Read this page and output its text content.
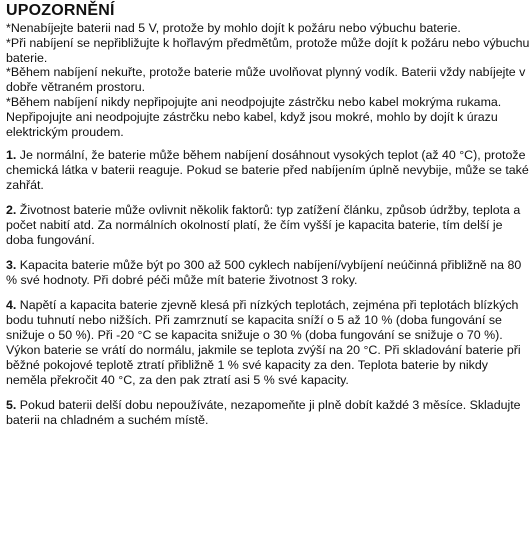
UPOZORNĚNÍ

*Nenabíjejte baterii nad 5 V, protože by mohlo dojít k požáru nebo výbuchu baterie.

*Při nabíjení se nepřibližujte k hořlavým předmětům, protože může dojít k požáru nebo výbuchu baterie.

*Během nabíjení nekuřte, protože baterie může uvolňovat plynný vodík. Baterii vždy nabíjejte v dobře větraném prostoru.

*Během nabíjení nikdy nepřipojujte ani neodpojujte zástrčku nebo kabel mokrýma rukama. Nepřipojujte ani neodpojujte zástrčku nebo kabel, když jsou mokré, mohlo by dojít k úrazu elektrickým proudem.

1. Je normální, že baterie může během nabíjení dosáhnout vysokých teplot (až 40 °C), protože chemická látka v baterii reaguje. Pokud se baterie před nabíjením úplně nevybije, může se také zahřát.

2. Životnost baterie může ovlivnit několik faktorů: typ zatížení článku, způsob údržby, teplota a počet nabití atd. Za normálních okolností platí, že čím vyšší je kapacita baterie, tím delší je doba fungování.

3. Kapacita baterie může být po 300 až 500 cyklech nabíjení/vybíjení neúčinná přibližně na 80 % své hodnoty. Při dobré péči může mít baterie životnost 3 roky.

4. Napětí a kapacita baterie zjevně klesá při nízkých teplotách, zejména při teplotách blízkých bodu tuhnutí nebo nižších. Při zamrznutí se kapacita sníží o 5 až 10 % (doba fungování se snižuje o 50 %). Při -20 °C se kapacita snižuje o 30 % (doba fungování se snižuje o 70 %). Výkon baterie se vrátí do normálu, jakmile se teplota zvýší na 20 °C. Při skladování baterie při běžné pokojové teplotě ztratí přibližně 1 % své kapacity za den. Teplota baterie by nikdy neměla překročit 40 °C, za den pak ztratí asi 5 % své kapacity.

5. Pokud baterii delší dobu nepoužíváte, nezapomeňte ji plně dobít každé 3 měsíce. Skladujte baterii na chladném a suchém místě.
